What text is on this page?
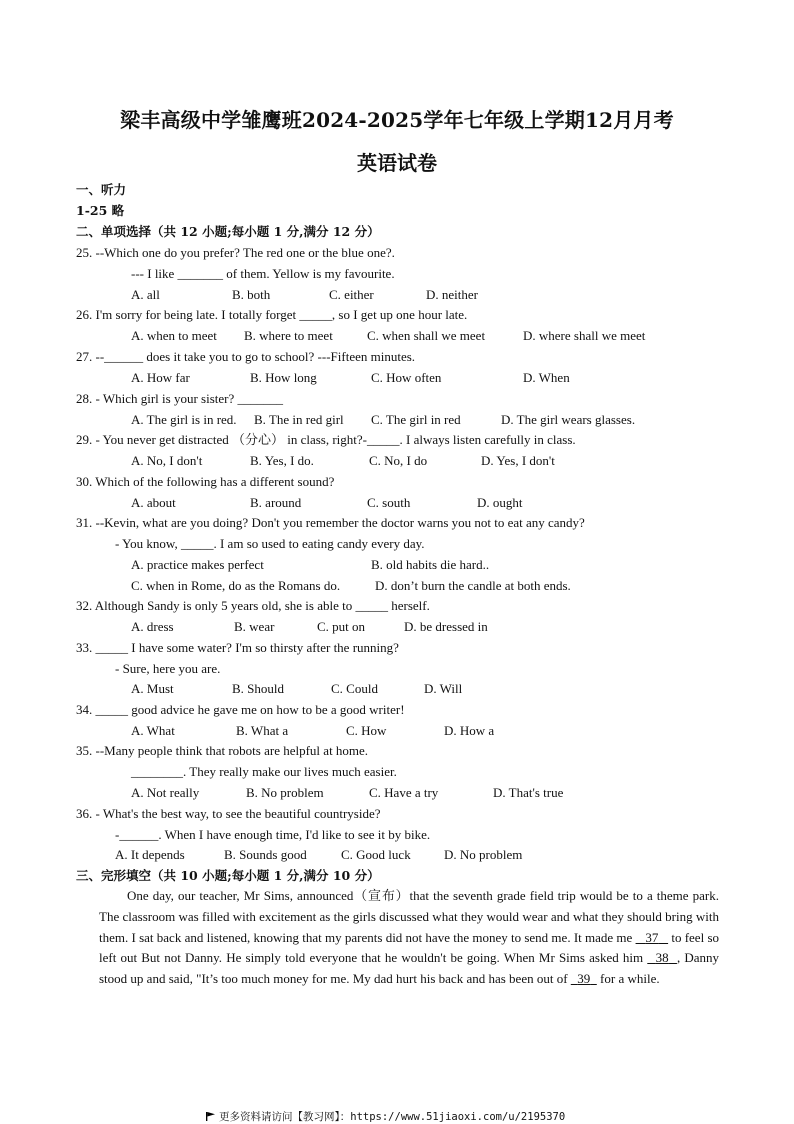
梁丰高级中学雏鹰班2024-2025学年七年级上学期12月月考
英语试卷
一、听力
1-25 略
二、单项选择（共 12 小题;每小题 1 分,满分 12 分）
25. --Which one do you prefer? The red one or the blue one?.
--- I like _______ of them. Yellow is my favourite.
A. all	B. both	C. either	D. neither
26. I'm sorry for being late. I totally forget _____, so I get up one hour late.
A. when to meet B. where to meet	C. when shall we meet	D. where shall we meet
27. --______ does it take you to go to school? ---Fifteen minutes.
A. How far	B. How long	C. How often	D. When
28. - Which girl is your sister? _______
A. The girl is in red. B. The in red girl C. The girl in red	D. The girl wears glasses.
29. - You never get distracted （分心） in class, right?-_____. I always listen carefully in class.
A. No, I don't	B. Yes, I do.	C. No, I do	D. Yes, I don't
30. Which of the following has a different sound?
A. about	B. around	C. south	D. ought
31. --Kevin, what are you doing? Don't you remember the doctor warns you not to eat any candy?
- You know, _____. I am so used to eating candy every day.
A. practice makes perfect	B. old habits die hard..
C. when in Rome, do as the Romans do.	D. don’t burn the candle at both ends.
32. Although Sandy is only 5 years old, she is able to _____ herself.
A. dress	B. wear	C. put on	D. be dressed in
33. _____ I have some water? I'm so thirsty after the running?
- Sure, here you are.
A. Must	B. Should	C. Could	D. Will
34. _____ good advice he gave me on how to be a good writer!
A. What	B. What a	C. How	D. How a
35. --Many people think that robots are helpful at home.
________. They really make our lives much easier.
A. Not really	B. No problem	C. Have a try	D. That's true
36. - What's the best way, to see the beautiful countryside?
-______. When I have enough time, I'd like to see it by bike.
A. It depends	B. Sounds good	C. Good luck	D. No problem
三、完形填空（共 10 小题;每小题 1 分,满分 10 分）
One day, our teacher, Mr Sims, announced（宣布）that the seventh grade field trip would be to a theme park. The classroom was filled with excitement as the girls discussed what they would wear and what they should bring with them. I sat back and listened, knowing that my parents did not have the money to send me. It made me    37    to feel so left out But not Danny. He simply told everyone that he wouldn't be going. When Mr Sims asked him   38 , Danny stood up and said, "It’s too much money for me. My dad hurt his back and has been out of   39   for a while.
更多资料请访问【教习网】：https://www.51jiaoxi.com/u/2195370
